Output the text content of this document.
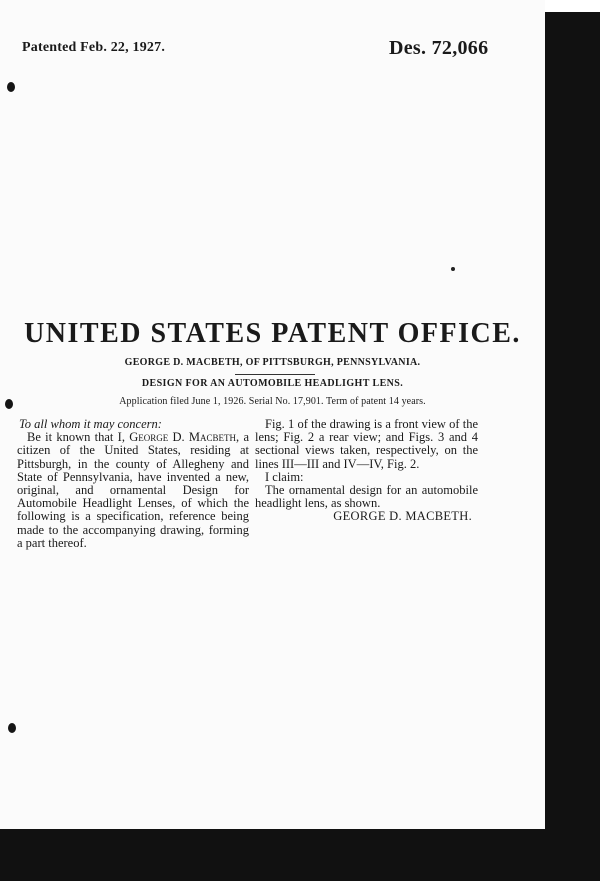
Patented Feb. 22, 1927.	Des. 72,066
UNITED STATES PATENT OFFICE.
GEORGE D. MACBETH, OF PITTSBURGH, PENNSYLVANIA.
DESIGN FOR AN AUTOMOBILE HEADLIGHT LENS.
Application filed June 1, 1926. Serial No. 17,901. Term of patent 14 years.

To all whom it may concern:

Be it known that I, George D. Macbeth, a citizen of the United States, residing at Pittsburgh, in the county of Allegheny and State of Pennsylvania, have invented a new, original, and ornamental Design for Automobile Headlight Lenses, of which the following is a specification, reference being made to the accompanying drawing, forming a part thereof.

Fig. 1 of the drawing is a front view of the lens; Fig. 2 a rear view; and Figs. 3 and 4 sectional views taken, respectively, on the lines III—III and IV—IV, Fig. 2.

I claim:

The ornamental design for an automobile headlight lens, as shown.

GEORGE D. MACBETH.
